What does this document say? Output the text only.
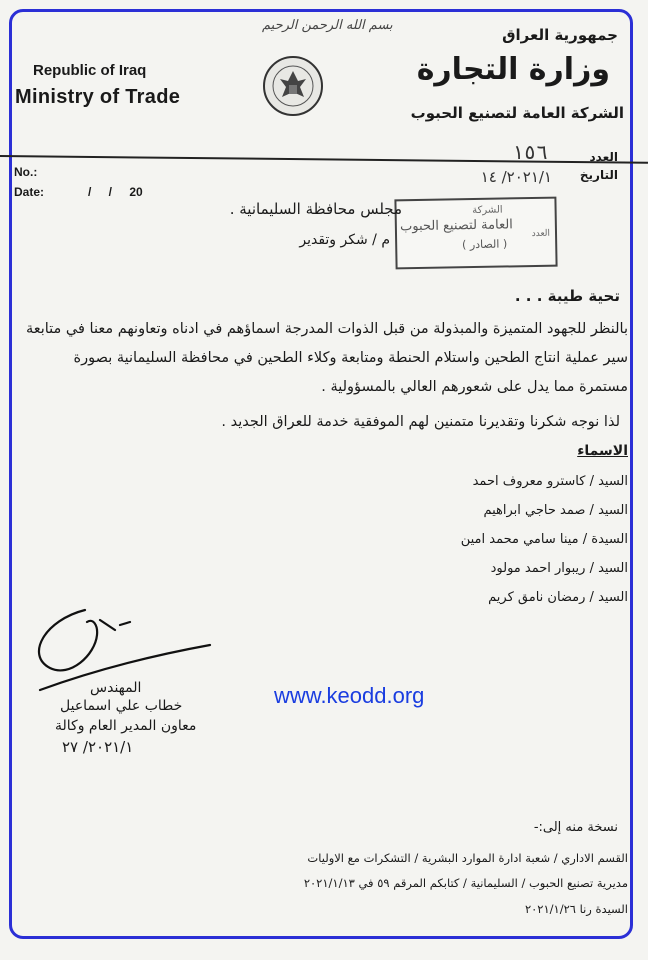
بسم الله الرحمن الرحيم
Republic of Iraq
Ministry of Trade
جمهورية العراق
وزارة التجارة
الشركة العامة لتصنيع الحبوب
No.:
Date:	/ / 20
العدد
١٥٦
التاريخ
٢٠٢١/١/ ١٤
الشركة
العامة لتصنيع الحبوب
( الصادر )
العدد
مجلس محافظة السليمانية .
م / شكر وتقدير
تحية طيبة . . .
بالنظر للجهود المتميزة والمبذولة من قبل الذوات المدرجة اسماؤهم في ادناه وتعاونهم معنا في متابعة
سير عملية انتاج الطحين واستلام الحنطة ومتابعة وكلاء الطحين في محافظة السليمانية بصورة
مستمرة مما يدل على شعورهم العالي بالمسؤولية .
لذا نوجه شكرنا وتقديرنا متمنين لهم الموفقية خدمة للعراق الجديد .
الاسماء
السيد / كاسترو معروف احمد
السيد / صمد حاجي ابراهيم
السيدة / مينا سامي محمد امين
السيد / ريبوار احمد مولود
السيد / رمضان نامق كريم
المهندس
خطاب علي اسماعيل
معاون المدير العام وكالة
٢٠٢١/١/ ٢٧
www.keodd.org
نسخة منه إلى:-
القسم الاداري / شعبة ادارة الموارد البشرية / التشكرات مع الاوليات
مديرية تصنيع الحبوب / السليمانية / كتابكم المرقم ٥٩ في ٢٠٢١/١/١٣
السيدة رنا ٢٠٢١/١/٢٦
